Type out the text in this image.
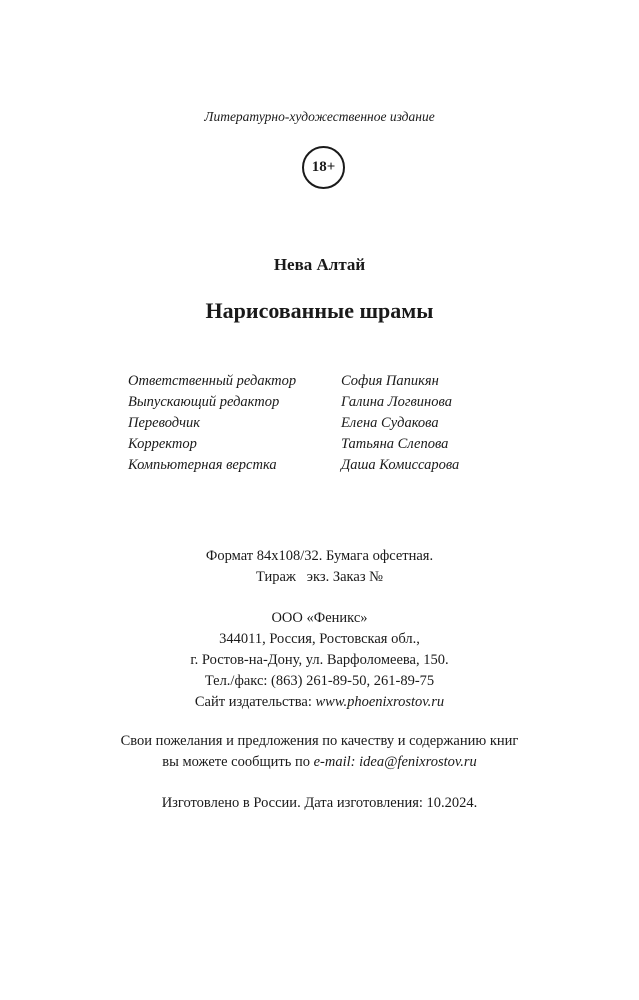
Литературно-художественное издание
18+
Нева Алтай
Нарисованные шрамы
Ответственный редактор	София Папикян
Выпускающий редактор	Галина Логвинова
Переводчик	Елена Судакова
Корректор	Татьяна Слепова
Компьютерная верстка	Даша Комиссарова
Формат 84x108/32. Бумага офсетная.
Тираж   экз. Заказ №
ООО «Феникс»
344011, Россия, Ростовская обл.,
г. Ростов-на-Дону, ул. Варфоломеева, 150.
Тел./факс: (863) 261-89-50, 261-89-75
Сайт издательства: www.phoenixrostov.ru
Свои пожелания и предложения по качеству и содержанию книг
вы можете сообщить по e-mail: idea@fenixrostov.ru
Изготовлено в России. Дата изготовления: 10.2024.
